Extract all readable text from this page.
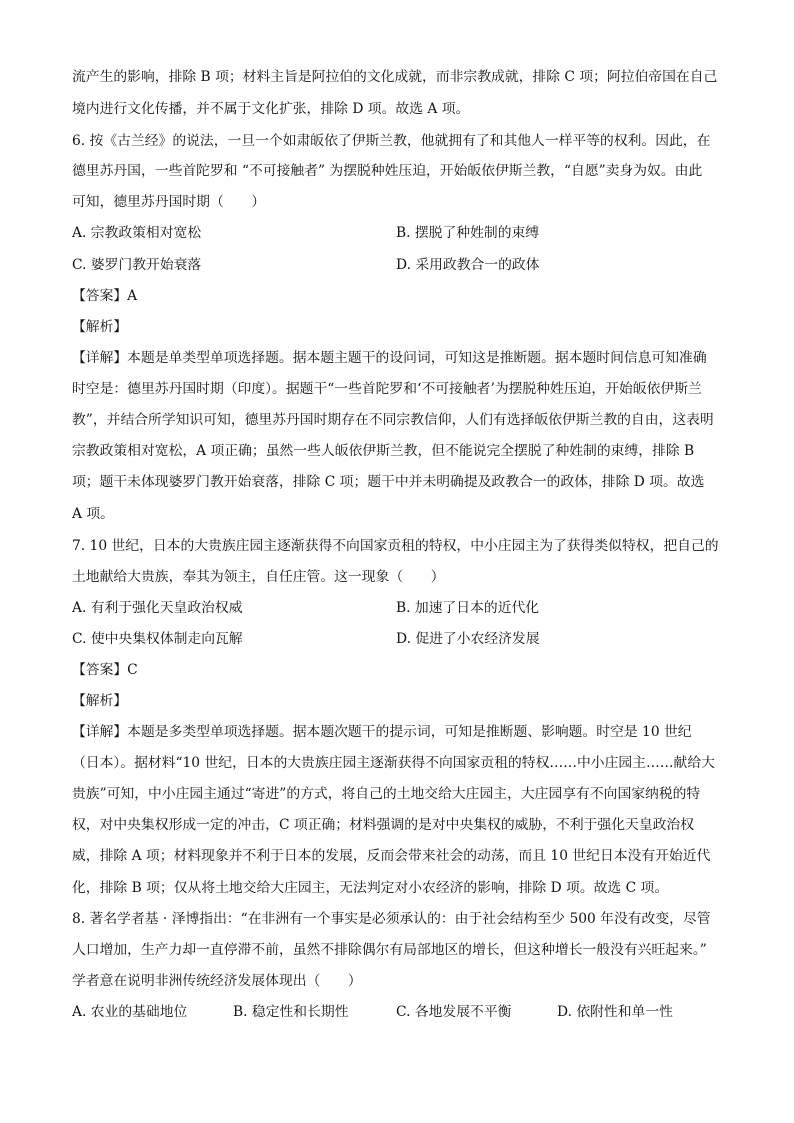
流产生的影响，排除 B 项；材料主旨是阿拉伯的文化成就，而非宗教成就，排除 C 项；阿拉伯帝国在自己
境内进行文化传播，并不属于文化扩张，排除 D 项。故选 A 项。
6. 按《古兰经》的说法，一旦一个如肃皈依了伊斯兰教，他就拥有了和其他人一样平等的权利。因此，在
德里苏丹国，一些首陀罗和 “不可接触者” 为摆脱种姓压迫，开始皈依伊斯兰教，“自愿”卖身为奴。由此
可知，德里苏丹国时期（　　）
A. 宗教政策相对宽松	B. 摆脱了种姓制的束缚
C. 婆罗门教开始衰落	D. 采用政教合一的政体
【答案】A
【解析】
【详解】本题是单类型单项选择题。据本题主题干的设问词，可知这是推断题。据本题时间信息可知准确
时空是：德里苏丹国时期（印度）。据题干“一些首陀罗和‘不可接触者’为摆脱种姓压迫，开始皈依伊斯兰
教”，并结合所学知识可知，德里苏丹国时期存在不同宗教信仰，人们有选择皈依伊斯兰教的自由，这表明
宗教政策相对宽松，A 项正确；虽然一些人皈依伊斯兰教，但不能说完全摆脱了种姓制的束缚，排除 B
项；题干未体现婆罗门教开始衰落，排除 C 项；题干中并未明确提及政教合一的政体，排除 D 项。故选
A 项。
7. 10 世纪，日本的大贵族庄园主逐渐获得不向国家贡租的特权，中小庄园主为了获得类似特权，把自己的
土地献给大贵族，奉其为领主，自任庄管。这一现象（　　）
A. 有利于强化天皇政治权威	B. 加速了日本的近代化
C. 使中央集权体制走向瓦解	D. 促进了小农经济发展
【答案】C
【解析】
【详解】本题是多类型单项选择题。据本题次题干的提示词，可知是推断题、影响题。时空是 10 世纪
（日本）。据材料“10 世纪，日本的大贵族庄园主逐渐获得不向国家贡租的特权……中小庄园主……献给大
贵族”可知，中小庄园主通过“寄进”的方式，将自己的土地交给大庄园主，大庄园享有不向国家纳税的特
权，对中央集权形成一定的冲击，C 项正确；材料强调的是对中央集权的威胁，不利于强化天皇政治权
威，排除 A 项；材料现象并不利于日本的发展，反而会带来社会的动荡，而且 10 世纪日本没有开始近代
化，排除 B 项；仅从将土地交给大庄园主，无法判定对小农经济的影响，排除 D 项。故选 C 项。
8. 著名学者基 · 泽博指出：“在非洲有一个事实是必须承认的：由于社会结构至少 500 年没有改变，尽管
人口增加，生产力却一直停滞不前，虽然不排除偶尔有局部地区的增长，但这种增长一般没有兴旺起来。”
学者意在说明非洲传统经济发展体现出（　　）
A. 农业的基础地位	B. 稳定性和长期性	C. 各地发展不平衡	D. 依附性和单一性
